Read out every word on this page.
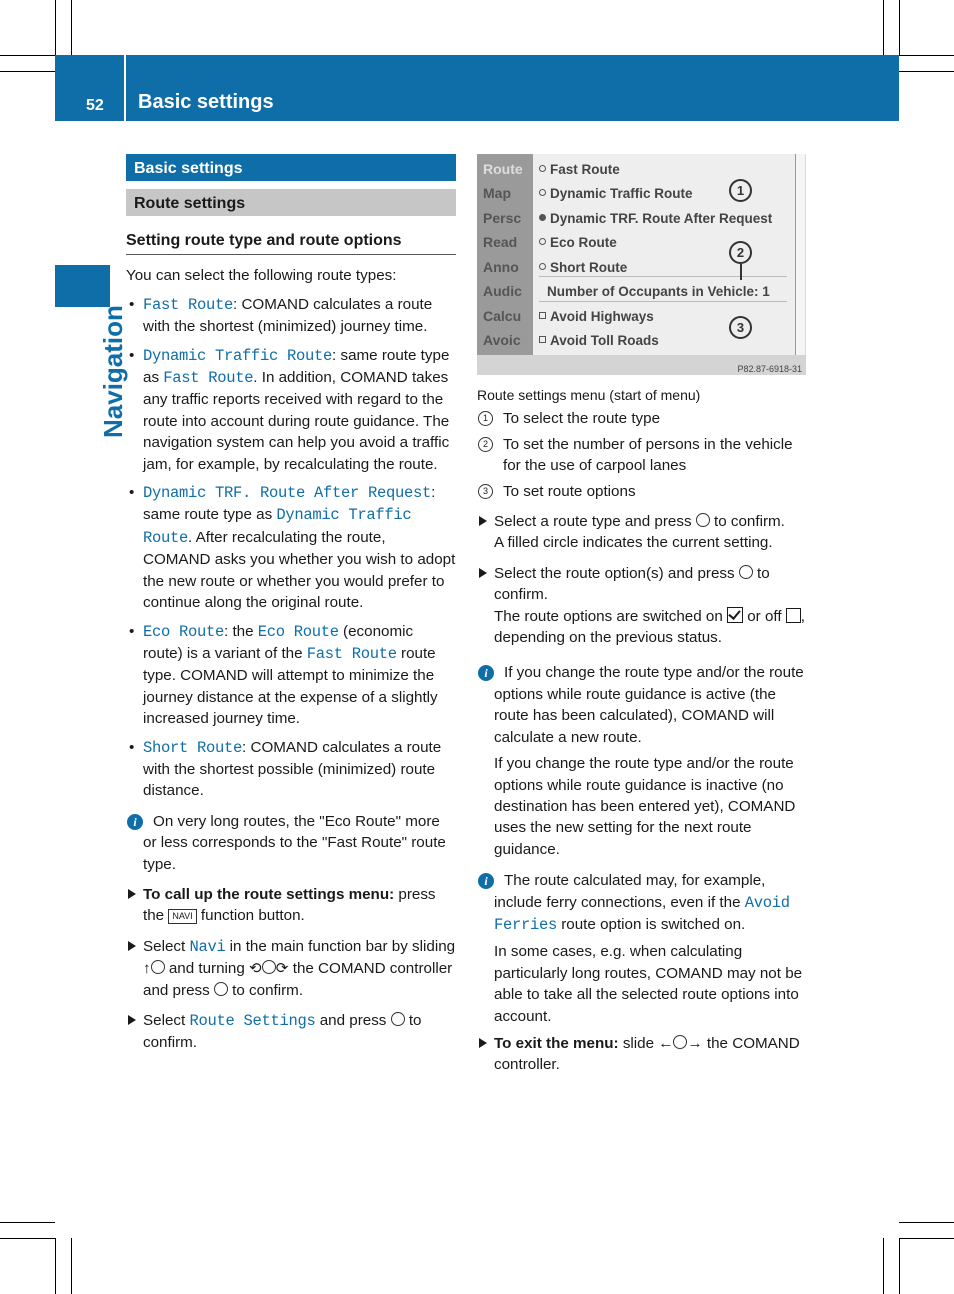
52 Basic settings
Navigation
Basic settings
Route settings
Setting route type and route options

You can select the following route types:

• Fast Route: COMAND calculates a route with the shortest (minimized) journey time.
• Dynamic Traffic Route: same route type as Fast Route. In addition, COMAND takes any traffic reports received with regard to the route into account during route guidance. The navigation system can help you avoid a traffic jam, for example, by recalculating the route.
• Dynamic TRF. Route After Request: same route type as Dynamic Traffic Route. After recalculating the route, COMAND asks you whether you wish to adopt the new route or whether you would prefer to continue along the original route.
• Eco Route: the Eco Route (economic route) is a variant of the Fast Route route type. COMAND will attempt to minimize the journey distance at the expense of a slightly increased journey time.
• Short Route: COMAND calculates a route with the shortest possible (minimized) route distance.
i	On very long routes, the "Eco Route" more or less corresponds to the "Fast Route" route type.
To call up the route settings menu: press the NAVI function button.
Select Navi in the main function bar by sliding ↑ and turning ⟲ ⟳ the COMAND controller and press  to confirm.
Select Route Settings and press  to confirm.
Route
Map
Persc
Read
Anno
Audic
Calcu
Avoic
Fast Route
Dynamic Traffic Route
Dynamic TRF. Route After Request
Eco Route
Short Route
Number of Occupants in Vehicle: 1
Avoid Highways
Avoid Toll Roads
1
2
3
P82.87-6918-31

Route settings menu (start of menu)

1 To select the route type
2 To set the number of persons in the vehicle for the use of carpool lanes
3 To set route options
Select a route type and press  to confirm.
A filled circle indicates the current setting.
Select the route option(s) and press  to confirm.
The route options are switched on  or off , depending on the previous status.
i	If you change the route type and/or the route options while route guidance is active (the route has been calculated), COMAND will calculate a new route.

If you change the route type and/or the route options while route guidance is inactive (no destination has been entered yet), COMAND uses the new setting for the next route guidance.

i	The route calculated may, for example, include ferry connections, even if the Avoid Ferries route option is switched on.

In some cases, e.g. when calculating particularly long routes, COMAND may not be able to take all the selected route options into account.

To exit the menu: slide ← → the COMAND controller.
